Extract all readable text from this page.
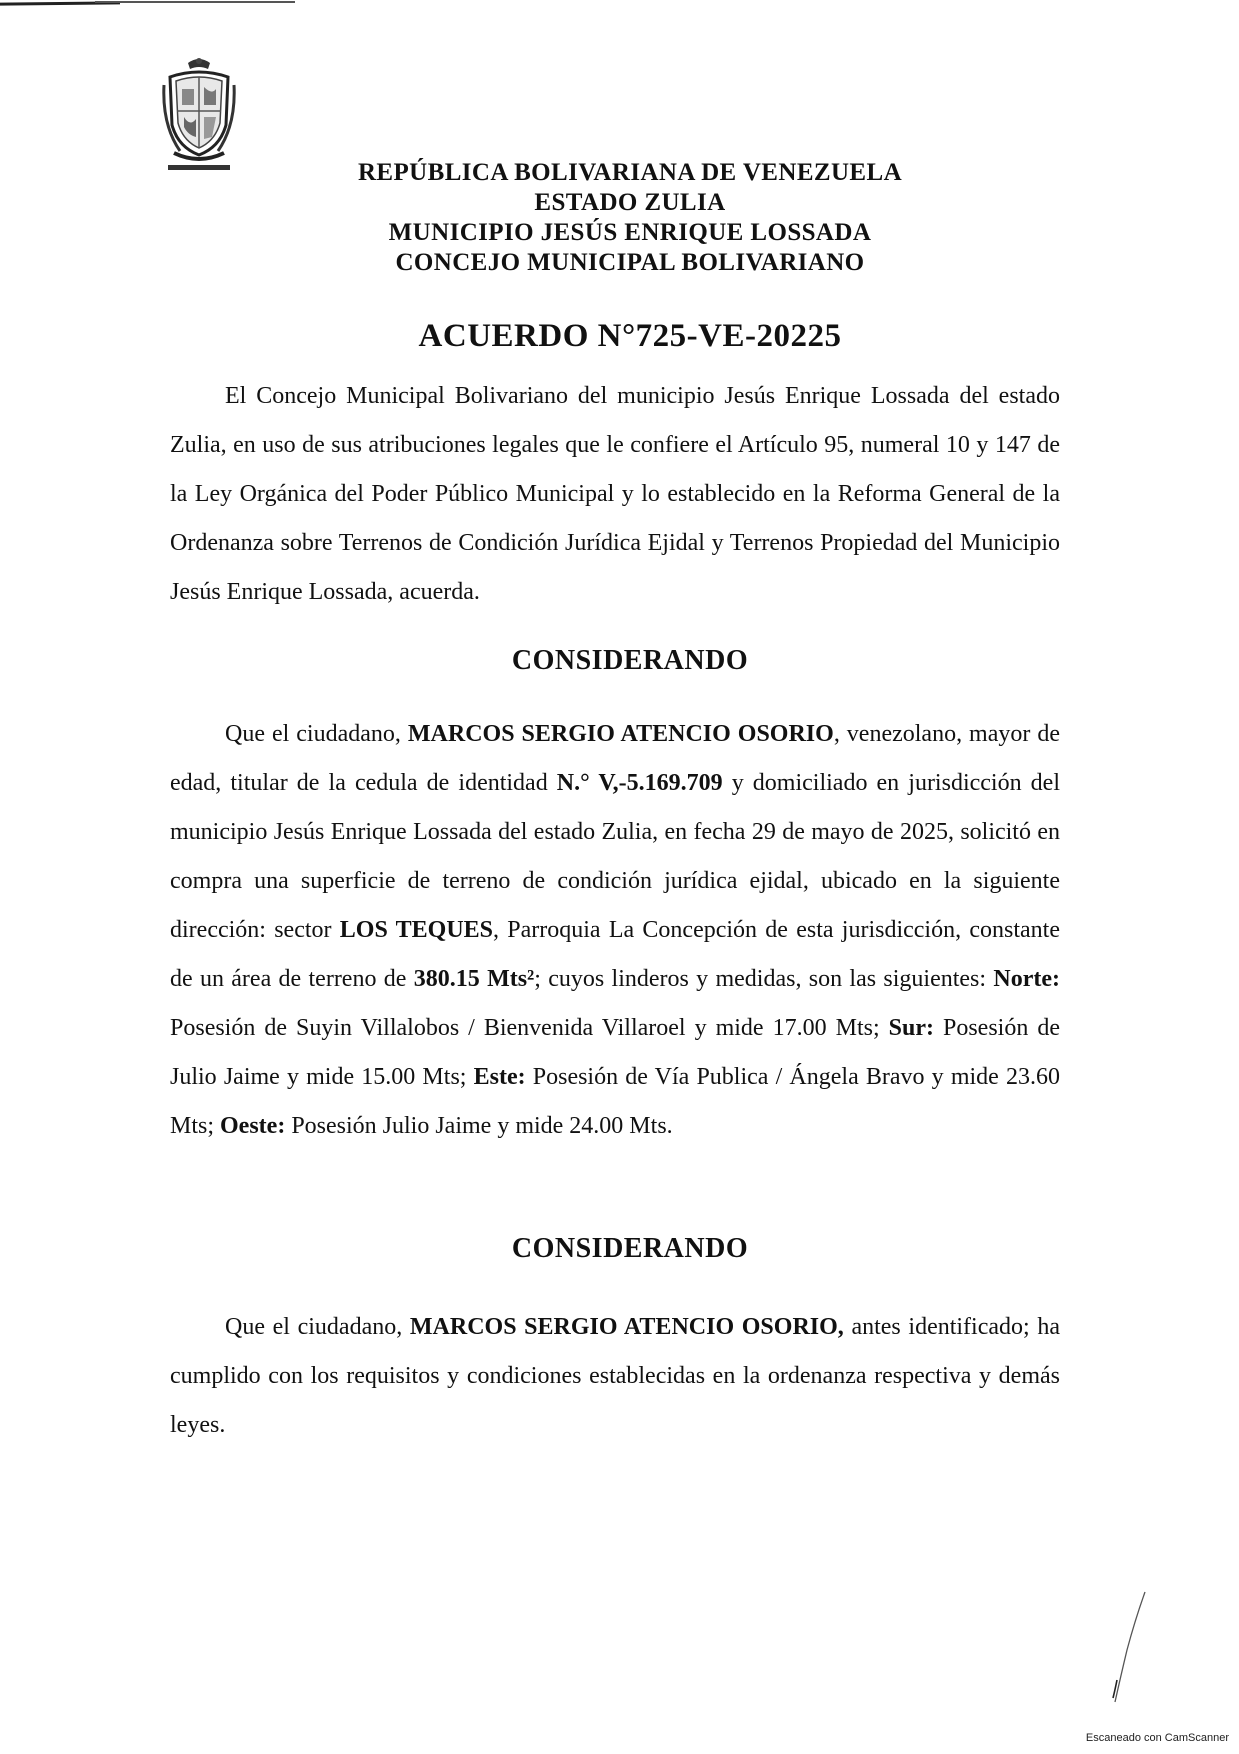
REPÚBLICA BOLIVARIANA DE VENEZUELA
ESTADO ZULIA
MUNICIPIO JESÚS ENRIQUE LOSSADA
CONCEJO MUNICIPAL BOLIVARIANO
ACUERDO N°725-VE-20225
El Concejo Municipal Bolivariano del municipio Jesús Enrique Lossada del estado Zulia, en uso de sus atribuciones legales que le confiere el Artículo 95, numeral 10 y 147 de la Ley Orgánica del Poder Público Municipal y lo establecido en la Reforma General de la Ordenanza sobre Terrenos de Condición Jurídica Ejidal y Terrenos Propiedad del Municipio Jesús Enrique Lossada, acuerda.
CONSIDERANDO
Que el ciudadano, MARCOS SERGIO ATENCIO OSORIO, venezolano, mayor de edad, titular de la cedula de identidad N.° V,-5.169.709 y domiciliado en jurisdicción del municipio Jesús Enrique Lossada del estado Zulia, en fecha 29 de mayo de 2025, solicitó en compra una superficie de terreno de condición jurídica ejidal, ubicado en la siguiente dirección: sector LOS TEQUES, Parroquia La Concepción de esta jurisdicción, constante de un área de terreno de 380.15 Mts²; cuyos linderos y medidas, son las siguientes: Norte: Posesión de Suyin Villalobos / Bienvenida Villaroel y mide 17.00 Mts; Sur: Posesión de Julio Jaime y mide 15.00 Mts; Este: Posesión de Vía Publica / Ángela Bravo y mide 23.60 Mts; Oeste: Posesión Julio Jaime y mide 24.00 Mts.
CONSIDERANDO
Que el ciudadano, MARCOS SERGIO ATENCIO OSORIO, antes identificado; ha cumplido con los requisitos y condiciones establecidas en la ordenanza respectiva y demás leyes.
Escaneado con CamScanner
